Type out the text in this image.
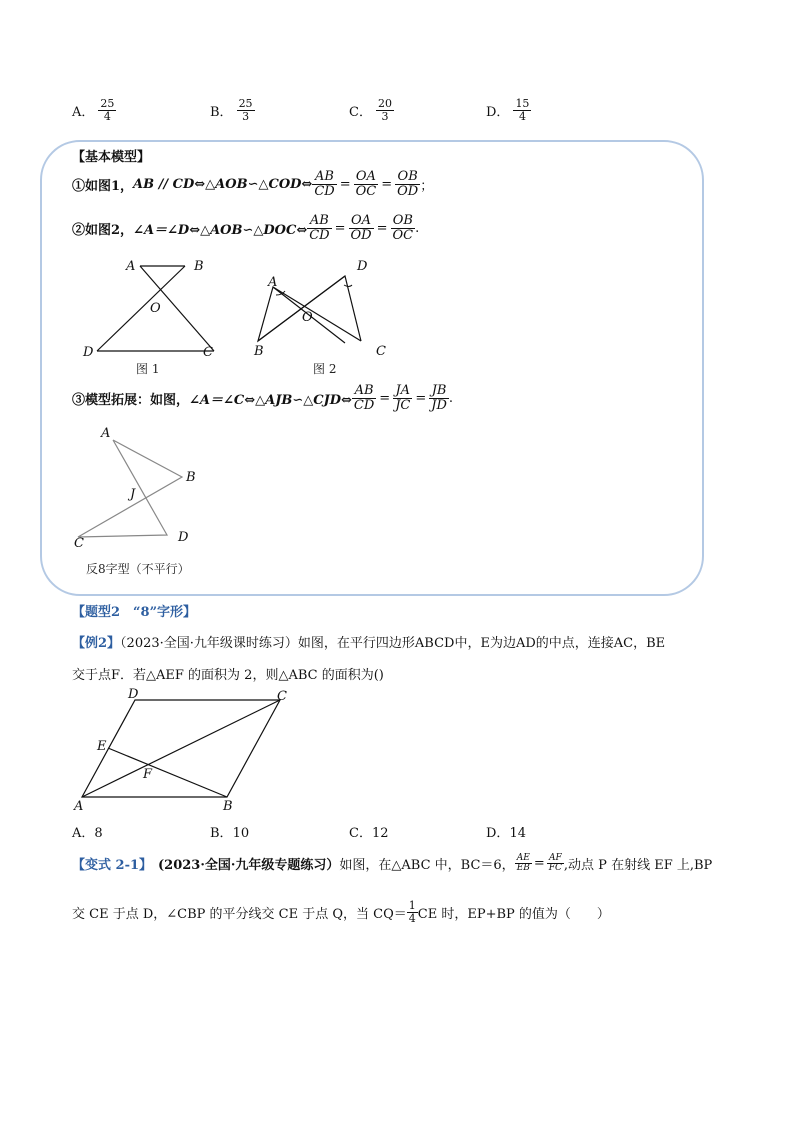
A． $\frac{25}{4}$	B． $\frac{25}{3}$	C． $\frac{20}{3}$	D． $\frac{15}{4}$
【基本模型】
①如图1， AB // CD⇔△AOB∽△COD⇔ $\frac{AB}{CD} = \frac{OA}{OC} = \frac{OB}{OD}$ ；
②如图2， ∠A＝∠D⇔△AOB∽△DOC⇔ $\frac{AB}{CD} = \frac{OA}{OD} = \frac{OB}{OC}$ .
A	B
O
D	C
图 1
A
D
O
B	C
图 2
③模型拓展：如图， ∠A＝∠C⇔△AJB∽△CJD⇔ $\frac{AB}{CD} = \frac{JA}{JC} = \frac{JB}{JD}$ .
A
B
J
C	D
反8字型（不平行）
【题型2　“8”字形】
【例2】（2023·全国·九年级课时练习）如图，在平行四边形ABCD中，E为边AD的中点，连接AC，BE
交于点F．若△AEF 的面积为 2，则△ABC 的面积为()
D	C
E
F
A	B
A．8	B．10	C．12	D．14
【变式 2-1】 (2023·全国·九年级专题练习） 如图，在△ABC 中，BC＝6， $\frac{AE}{EB} = \frac{AF}{FC}$ ,动点 P 在射线 EF 上,BP
交 CE 于点 D，∠CBP 的平分线交 CE 于点 Q，当 $CQ= \frac{1}{4}$ CE 时，EP+BP 的值为（　　）
